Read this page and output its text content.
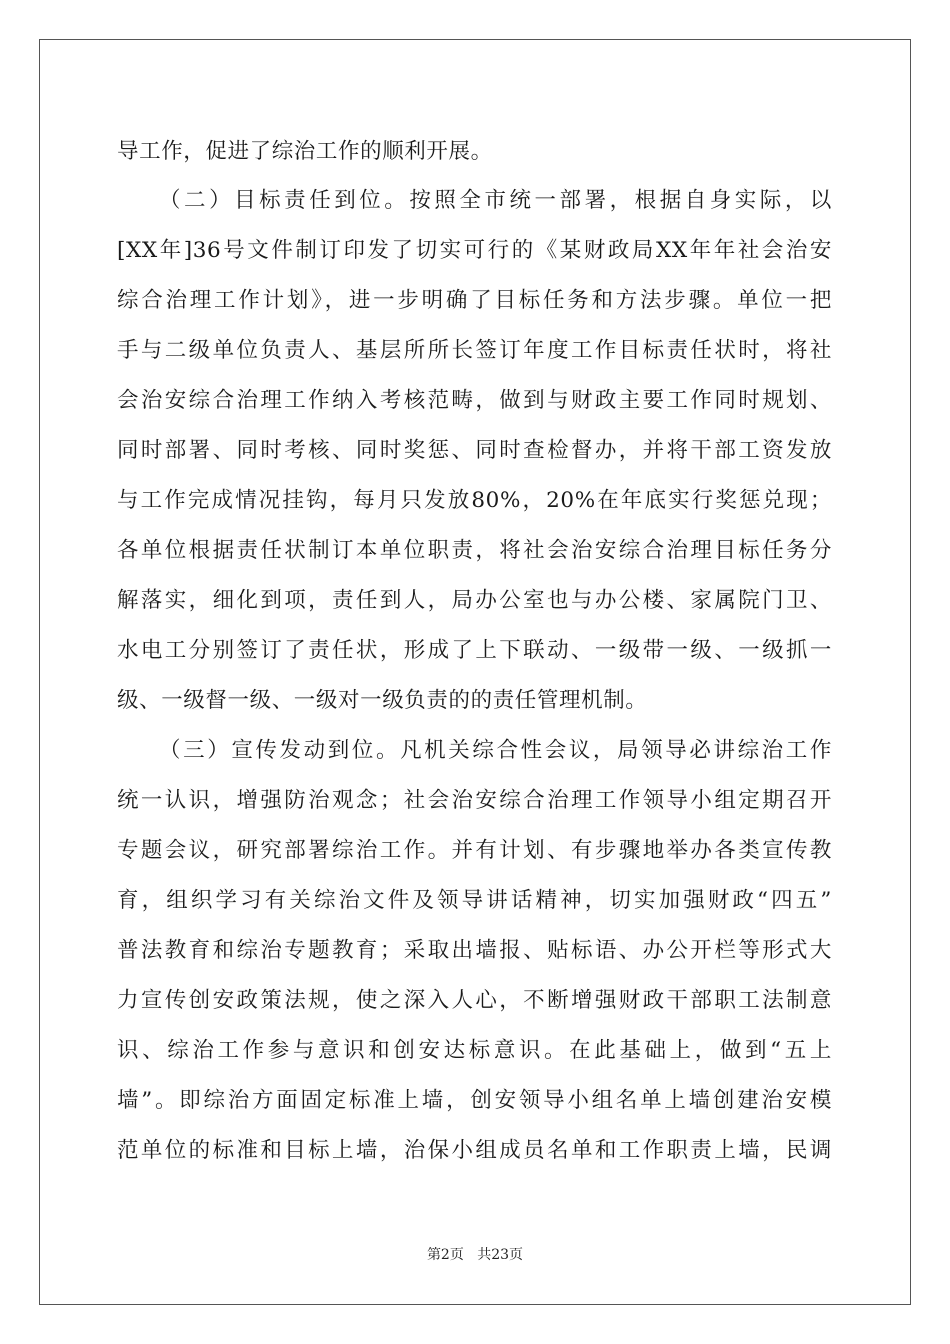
导工作，促进了综治工作的顺利开展。
（二）目标责任到位。按照全市统一部署，根据自身实际，以
[XX年]36号文件制订印发了切实可行的《某财政局XX年年社会治安
综合治理工作计划》，进一步明确了目标任务和方法步骤。单位一把
手与二级单位负责人、基层所所长签订年度工作目标责任状时，将社
会治安综合治理工作纳入考核范畴，做到与财政主要工作同时规划、
同时部署、同时考核、同时奖惩、同时查检督办，并将干部工资发放
与工作完成情况挂钩，每月只发放80%，20%在年底实行奖惩兑现；
各单位根据责任状制订本单位职责，将社会治安综合治理目标任务分
解落实，细化到项，责任到人，局办公室也与办公楼、家属院门卫、
水电工分别签订了责任状，形成了上下联动、一级带一级、一级抓一
级、一级督一级、一级对一级负责的的责任管理机制。
（三）宣传发动到位。凡机关综合性会议，局领导必讲综治工作
统一认识，增强防治观念；社会治安综合治理工作领导小组定期召开
专题会议，研究部署综治工作。并有计划、有步骤地举办各类宣传教
育，组织学习有关综治文件及领导讲话精神，切实加强财政“四五”
普法教育和综治专题教育；采取出墙报、贴标语、办公开栏等形式大
力宣传创安政策法规，使之深入人心，不断增强财政干部职工法制意
识、综治工作参与意识和创安达标意识。在此基础上，做到“五上
墙”。即综治方面固定标准上墙，创安领导小组名单上墙创建治安模
范单位的标准和目标上墙，治保小组成员名单和工作职责上墙，民调
第2页 共23页
